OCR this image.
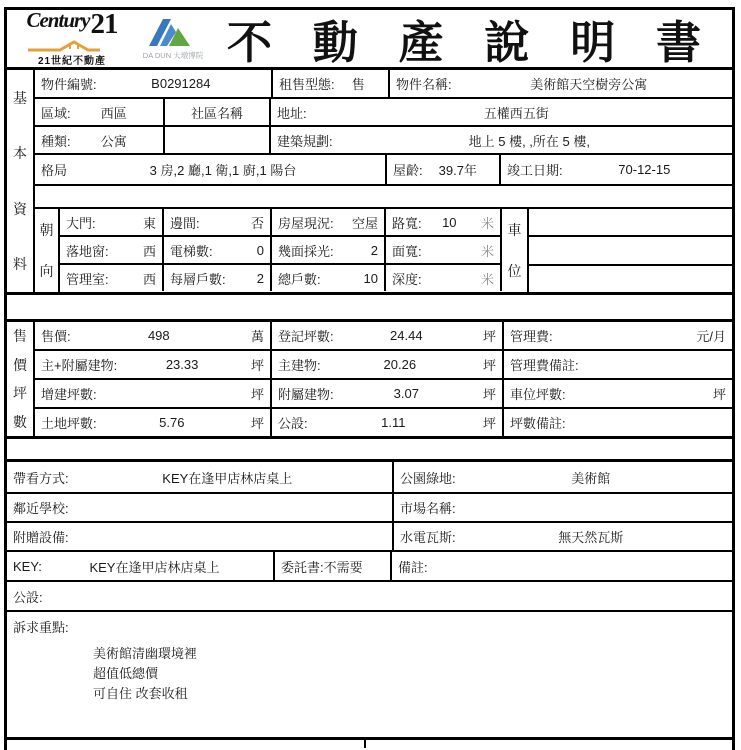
Century21
21世紀不動產
DA DUN 大墩博院 不動產說明書
基
本
資
料
物件編號:	B0291284	租售型態:	售	物件名稱:	美術館天空樹旁公寓
區域:	西區	社區名稱	地址:	五權西五街
種類:	公寓	建築規劃:	地上 5 樓, ,所在 5 樓,
格局	3 房,2 廳,1 衛,1 廚,1 陽台	屋齡:	39.7年	竣工日期:	70-12-15
朝
向
大門:	東 邊間:	否 房屋現況:	空屋 路寬:	10	米
落地窗:	西 電梯數:	0 幾面採光:	2 面寬:	米
管理室:	西 每層戶數:	2 總戶數:	10 深度:	米
車
位
售
價
坪
數
售價:	498	萬 登記坪數:	24.44	坪 管理費:	元/月
主+附屬建物:	23.33	坪 主建物:	20.26	坪 管理費備註:
增建坪數:	坪 附屬建物:	3.07	坪 車位坪數:	坪
土地坪數:	5.76	坪 公設:	1.11	坪 坪數備註:
帶看方式:	KEY在逢甲店林店桌上	公園綠地:	美術館
鄰近學校:	市場名稱:
附贈設備:	水電瓦斯:	無天然瓦斯
KEY:	KEY在逢甲店林店桌上	委託書:不需要	備註:
公設:
訴求重點:
美術館清幽環境裡
超值低總價
可自住 改套收租
